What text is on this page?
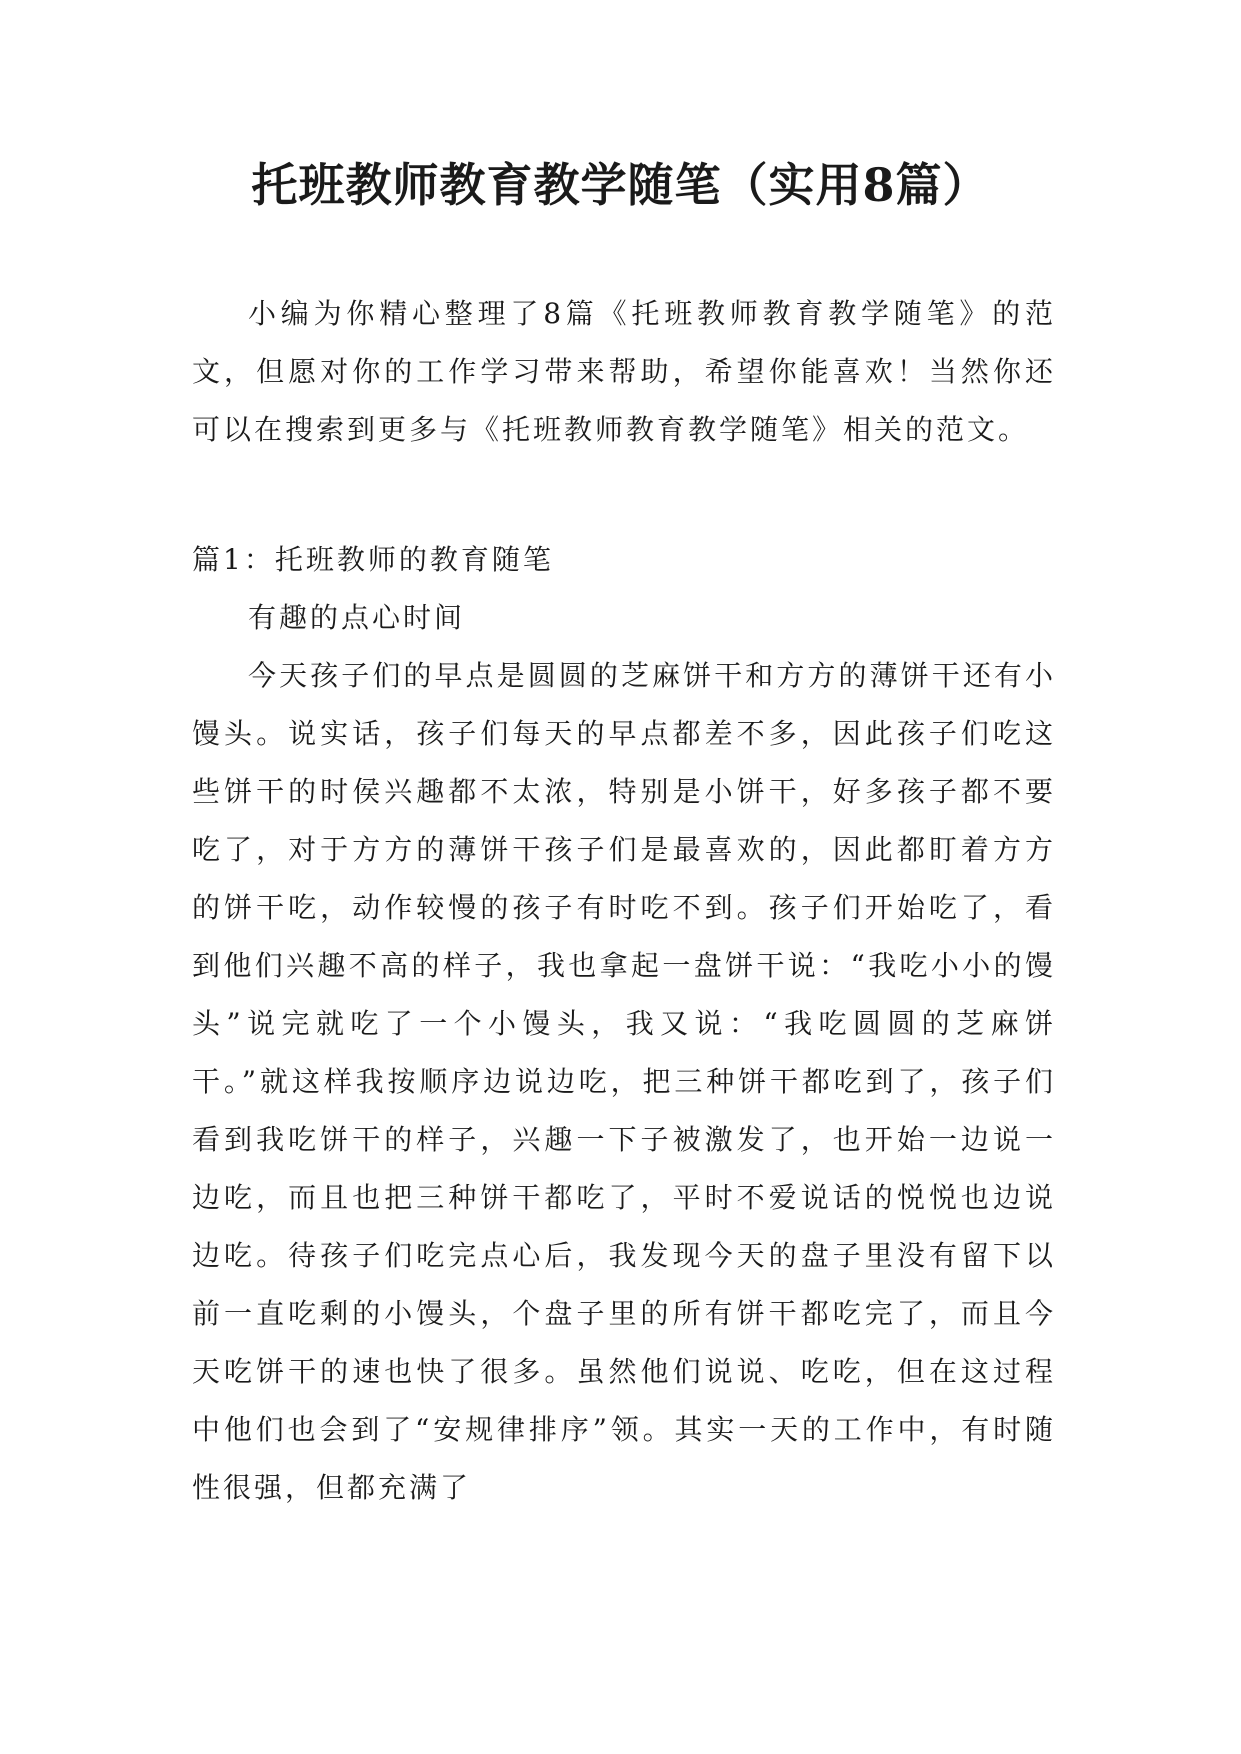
托班教师教育教学随笔（实用8篇）

小编为你精心整理了8篇《托班教师教育教学随笔》的范文，但愿对你的工作学习带来帮助，希望你能喜欢！当然你还可以在搜索到更多与《托班教师教育教学随笔》相关的范文。

篇1：托班教师的教育随笔

有趣的点心时间

今天孩子们的早点是圆圆的芝麻饼干和方方的薄饼干还有小馒头。说实话，孩子们每天的早点都差不多，因此孩子们吃这些饼干的时侯兴趣都不太浓，特别是小饼干，好多孩子都不要吃了，对于方方的薄饼干孩子们是最喜欢的，因此都盯着方方的饼干吃，动作较慢的孩子有时吃不到。孩子们开始吃了，看到他们兴趣不高的样子，我也拿起一盘饼干说：“我吃小小的馒头”说完就吃了一个小馒头，我又说：“我吃圆圆的芝麻饼干。”就这样我按顺序边说边吃，把三种饼干都吃到了，孩子们看到我吃饼干的样子，兴趣一下子被激发了，也开始一边说一边吃，而且也把三种饼干都吃了，平时不爱说话的悦悦也边说边吃。待孩子们吃完点心后，我发现今天的盘子里没有留下以前一直吃剩的小馒头，个盘子里的所有饼干都吃完了，而且今天吃饼干的速也快了很多。虽然他们说说、吃吃，但在这过程中他们也会到了“安规律排序”领。其实一天的工作中，有时随性很强，但都充满了
